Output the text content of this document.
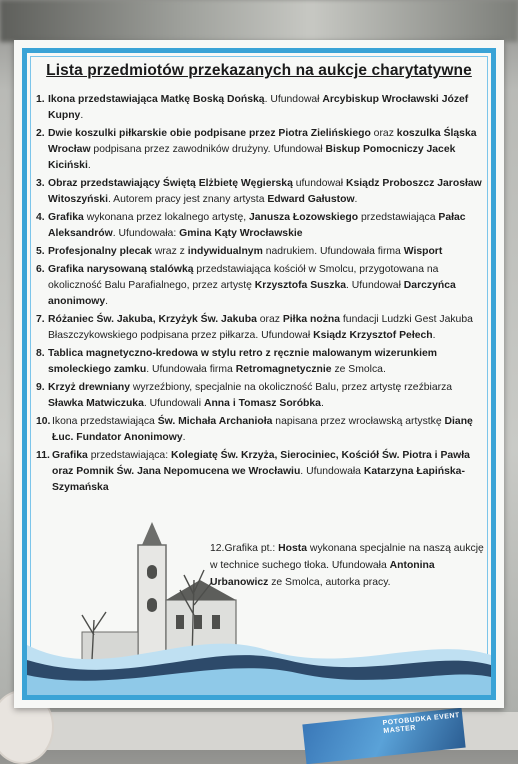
POTOBUDKA EVENT MASTER
Lista przedmiotów przekazanych na aukcje charytatywne
1. Ikona przedstawiająca Matkę Boską Dońską. Ufundował Arcybiskup Wrocławski Józef Kupny.
2. Dwie koszulki piłkarskie obie podpisane przez Piotra Zielińskiego oraz koszulka Śląska Wrocław podpisana przez zawodników drużyny. Ufundował Biskup Pomocniczy Jacek Kiciński.
3. Obraz przedstawiający Świętą Elżbietę Węgierską ufundował Ksiądz Proboszcz Jarosław Witoszyński. Autorem pracy jest znany artysta Edward Gałustow.
4. Grafika wykonana przez lokalnego artystę, Janusza Łozowskiego przedstawiająca Pałac Aleksandrów. Ufundowała: Gmina Kąty Wrocławskie
5. Profesjonalny plecak wraz z indywidualnym nadrukiem. Ufundowała firma Wisport
6. Grafika narysowaną stalówką przedstawiająca kościół w Smolcu, przygotowana na okoliczność Balu Parafialnego, przez artystę Krzysztofa Suszka. Ufundował Darczyńca anonimowy.
7. Różaniec Św. Jakuba, Krzyżyk Św. Jakuba oraz Piłka nożna fundacji Ludzki Gest Jakuba Błaszczykowskiego podpisana przez piłkarza. Ufundował Ksiądz Krzysztof Pełech.
8. Tablica magnetyczno-kredowa w stylu retro z ręcznie malowanym wizerunkiem smoleckiego zamku. Ufundowała firma Retromagnetycznie ze Smolca.
9. Krzyż drewniany wyrzeźbiony, specjalnie na okoliczność Balu, przez artystę rzeźbiarza Sławka Matwiczuka. Ufundowali Anna i Tomasz Soróbka.
10. Ikona przedstawiająca Św. Michała Archanioła napisana przez wrocławską artystkę Dianę Łuc. Fundator Anonimowy.
11. Grafika przedstawiająca: Kolegiatę Św. Krzyża, Sierociniec, Kościół Św. Piotra i Pawła oraz Pomnik Św. Jana Nepomucena we Wrocławiu. Ufundowała Katarzyna Łapińska-Szymańska
12.Grafika pt.: Hosta wykonana specjalnie na naszą aukcję w technice suchego tłoka. Ufundowała Antonina Urbanowicz ze Smolca, autorka pracy.
